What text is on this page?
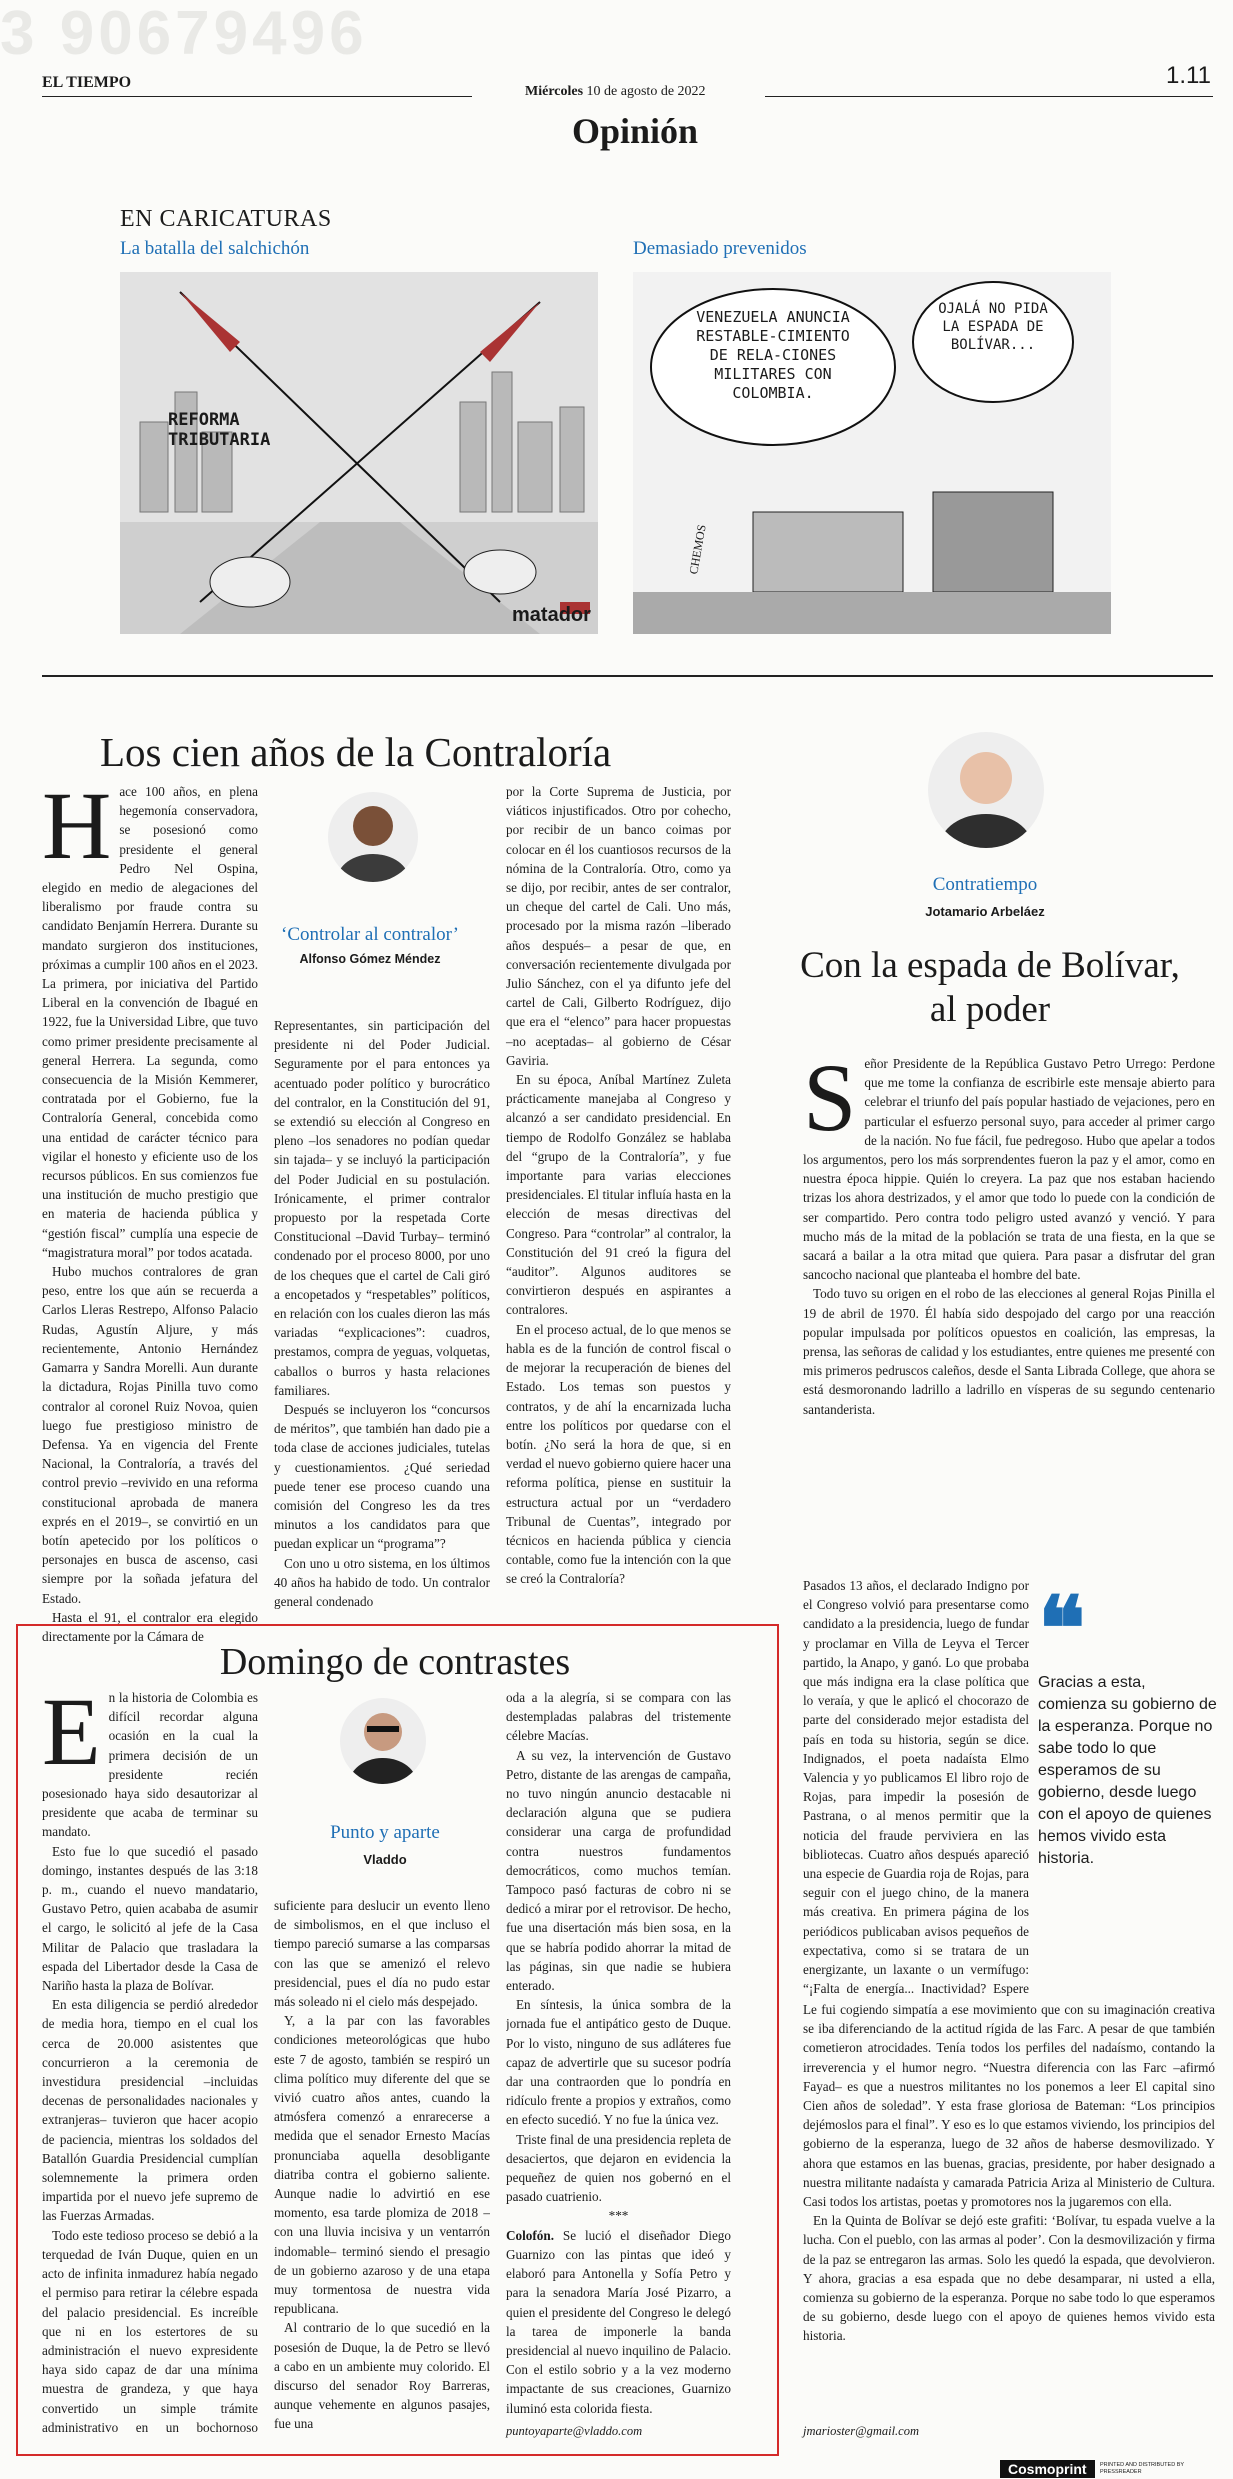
3 90679496
EL TIEMPO
Miércoles 10 de agosto de 2022
1.11
Opinión
EN CARICATURAS
La batalla del salchichón	Demasiado prevenidos
REFORMA TRIBUTARIA
matador
VENEZUELA ANUNCIA RESTABLE-CIMIENTO DE RELA-CIONES MILITARES CON COLOMBIA.
OJALÁ NO PIDA LA ESPADA DE BOLÍVAR...
CHEMOS
Los cien años de la Contraloría
‘Controlar al contralor’
Alfonso Gómez Méndez
H ace 100 años, en plena hegemonía conservadora, se posesionó como presidente el general Pedro Nel Ospina, elegido en medio de alegaciones del liberalismo por fraude contra su candidato Benjamín Herrera. Durante su mandato surgieron dos instituciones, próximas a cumplir 100 años en el 2023. La primera, por iniciativa del Partido Liberal en la convención de Ibagué en 1922, fue la Universidad Libre, que tuvo como primer presidente precisamente al general Herrera. La segunda, como consecuencia de la Misión Kemmerer, contratada por el Gobierno, fue la Contraloría General, concebida como una entidad de carácter técnico para vigilar el honesto y eficiente uso de los recursos públicos. En sus comienzos fue una institución de mucho prestigio que en materia de hacienda pública y “gestión fiscal” cumplía una especie de “magistratura moral” por todos acatada.

Hubo muchos contralores de gran peso, entre los que aún se recuerda a Carlos Lleras Restrepo, Alfonso Palacio Rudas, Agustín Aljure, y más recientemente, Antonio Hernández Gamarra y Sandra Morelli. Aun durante la dictadura, Rojas Pinilla tuvo como contralor al coronel Ruiz Novoa, quien luego fue prestigioso ministro de Defensa. Ya en vigencia del Frente Nacional, la Contraloría, a través del control previo –revivido en una reforma constitucional aprobada de manera exprés en el 2019–, se convirtió en un botín apetecido por los políticos o personajes en busca de ascenso, casi siempre por la soñada jefatura del Estado.

Hasta el 91, el contralor era elegido directamente por la Cámara de

Representantes, sin participación del presidente ni del Poder Judicial. Seguramente por el para entonces ya acentuado poder político y burocrático del contralor, en la Constitución del 91, se extendió su elección al Congreso en pleno –los senadores no podían quedar sin tajada– y se incluyó la participación del Poder Judicial en su postulación. Irónicamente, el primer contralor propuesto por la respetada Corte Constitucional –David Turbay– terminó condenado por el proceso 8000, por uno de los cheques que el cartel de Cali giró a encopetados y “respetables” políticos, en relación con los cuales dieron las más variadas “explicaciones”: cuadros, prestamos, compra de yeguas, volquetas, caballos o burros y hasta relaciones familiares.

Después se incluyeron los “concursos de méritos”, que también han dado pie a toda clase de acciones judiciales, tutelas y cuestionamientos. ¿Qué seriedad puede tener ese proceso cuando una comisión del Congreso les da tres minutos a los candidatos para que puedan explicar un “programa”?

Con uno u otro sistema, en los últimos 40 años ha habido de todo. Un contralor general condenado

por la Corte Suprema de Justicia, por viáticos injustificados. Otro por cohecho, por recibir de un banco coimas por colocar en él los cuantiosos recursos de la nómina de la Contraloría. Otro, como ya se dijo, por recibir, antes de ser contralor, un cheque del cartel de Cali. Uno más, procesado por la misma razón –liberado años después– a pesar de que, en conversación recientemente divulgada por Julio Sánchez, con el ya difunto jefe del cartel de Cali, Gilberto Rodríguez, dijo que era el “elenco” para hacer propuestas –no aceptadas– al gobierno de César Gaviria.

En su época, Aníbal Martínez Zuleta prácticamente manejaba al Congreso y alcanzó a ser candidato presidencial. En tiempo de Rodolfo González se hablaba del “grupo de la Contraloría”, y fue importante para varias elecciones presidenciales. El titular influía hasta en la elección de mesas directivas del Congreso. Para “controlar” al contralor, la Constitución del 91 creó la figura del “auditor”. Algunos auditores se convirtieron después en aspirantes a contralores.

En el proceso actual, de lo que menos se habla es de la función de control fiscal o de mejorar la recuperación de bienes del Estado. Los temas son puestos y contratos, y de ahí la encarnizada lucha entre los políticos por quedarse con el botín. ¿No será la hora de que, si en verdad el nuevo gobierno quiere hacer una reforma política, piense en sustituir la estructura actual por un “verdadero Tribunal de Cuentas”, integrado por técnicos en hacienda pública y ciencia contable, como fue la intención con la que se creó la Contraloría?

Contratiempo
Jotamario Arbeláez
Con la espada de Bolívar, al poder
S eñor Presidente de la República Gustavo Petro Urrego: Perdone que me tome la confianza de escribirle este mensaje abierto para celebrar el triunfo del país popular hastiado de vejaciones, pero en particular el esfuerzo personal suyo, para acceder al primer cargo de la nación. No fue fácil, fue pedregoso. Hubo que apelar a todos los argumentos, pero los más sorprendentes fueron la paz y el amor, como en nuestra época hippie. Quién lo creyera. La paz que nos estaban haciendo trizas los ahora destrizados, y el amor que todo lo puede con la condición de ser compartido. Pero contra todo peligro usted avanzó y venció. Y para mucho más de la mitad de la población se trata de una fiesta, en la que se sacará a bailar a la otra mitad que quiera. Para pasar a disfrutar del gran sancocho nacional que planteaba el hombre del bate.

Todo tuvo su origen en el robo de las elecciones al general Rojas Pinilla el 19 de abril de 1970. Él había sido despojado del cargo por una reacción popular impulsada por políticos opuestos en coalición, las empresas, la prensa, las señoras de calidad y los estudiantes, entre quienes me presenté con mis primeros pedruscos caleños, desde el Santa Librada College, que ahora se está desmoronando ladrillo a ladrillo en vísperas de su segundo centenario santanderista.

Pasados 13 años, el declarado Indigno por el Congreso volvió para presentarse como candidato a la presidencia, luego de fundar y proclamar en Villa de Leyva el Tercer partido, la Anapo, y ganó. Lo que probaba que más indigna era la clase política que lo veraía, y que le aplicó el chocorazo de parte del considerado mejor estadista del país en toda su historia, según se dice. Indignados, el poeta nadaísta Elmo Valencia y yo publicamos El libro rojo de Rojas, para impedir la posesión de Pastrana, o al menos permitir que la noticia del fraude perviviera en las bibliotecas. Cuatro años después apareció una especie de Guardia roja de Rojas, para seguir con el juego chino, de la manera más creativa. En primera página de los periódicos publicaban avisos pequeños de expectativa, como si se tratara de un energizante, un laxante o un vermífugo: “¡Falta de energía... Inactividad? Espere

❝
Gracias a esta, comienza su gobierno de la esperanza. Porque no sabe todo lo que esperamos de su gobierno, desde luego con el apoyo de quienes hemos vivido esta historia.

Le fui cogiendo simpatía a ese movimiento que con su imaginación creativa se iba diferenciando de la actitud rígida de las Farc. A pesar de que también cometieron atrocidades. Tenía todos los perfiles del nadaísmo, contando la irreverencia y el humor negro. “Nuestra diferencia con las Farc –afirmó Fayad– es que a nuestros militantes no los ponemos a leer El capital sino Cien años de soledad”. Y esta frase gloriosa de Bateman: “Los principios dejémoslos para el final”. Y eso es lo que estamos viviendo, los principios del gobierno de la esperanza, luego de 32 años de haberse desmovilizado. Y ahora que estamos en las buenas, gracias, presidente, por haber designado a nuestra militante nadaísta y camarada Patricia Ariza al Ministerio de Cultura. Casi todos los artistas, poetas y promotores nos la jugaremos con ella.

En la Quinta de Bolívar se dejó este grafiti: ‘Bolívar, tu espada vuelve a la lucha. Con el pueblo, con las armas al poder’. Con la desmovilización y firma de la paz se entregaron las armas. Solo les quedó la espada, que devolvieron. Y ahora, gracias a esa espada que no debe desamparar, ni usted a ella, comienza su gobierno de la esperanza. Porque no sabe todo lo que esperamos de su gobierno, desde luego con el apoyo de quienes hemos vivido esta historia.

jmarioster@gmail.com
Domingo de contrastes
Punto y aparte
Vladdo
E n la historia de Colombia es difícil recordar alguna ocasión en la cual la primera decisión de un presidente recién posesionado haya sido desautorizar al presidente que acaba de terminar su mandato.

Esto fue lo que sucedió el pasado domingo, instantes después de las 3:18 p. m., cuando el nuevo mandatario, Gustavo Petro, quien acababa de asumir el cargo, le solicitó al jefe de la Casa Militar de Palacio que trasladara la espada del Libertador desde la Casa de Nariño hasta la plaza de Bolívar.

En esta diligencia se perdió alrededor de media hora, tiempo en el cual los cerca de 20.000 asistentes que concurrieron a la ceremonia de investidura presidencial –incluidas decenas de personalidades nacionales y extranjeras– tuvieron que hacer acopio de paciencia, mientras los soldados del Batallón Guardia Presidencial cumplían solemnemente la primera orden impartida por el nuevo jefe supremo de las Fuerzas Armadas.

Todo este tedioso proceso se debió a la terquedad de Iván Duque, quien en un acto de infinita inmadurez había negado el permiso para retirar la célebre espada del palacio presidencial. Es increíble que ni en los estertores de su administración el nuevo expresidente haya sido capaz de dar una mínima muestra de grandeza, y que haya convertido un simple trámite administrativo en un bochornoso

suficiente para deslucir un evento lleno de simbolismos, en el que incluso el tiempo pareció sumarse a las comparsas con las que se amenizó el relevo presidencial, pues el día no pudo estar más soleado ni el cielo más despejado.

Y, a la par con las favorables condiciones meteorológicas que hubo este 7 de agosto, también se respiró un clima político muy diferente del que se vivió cuatro años antes, cuando la atmósfera comenzó a enrarecerse a medida que el senador Ernesto Macías pronunciaba aquella desobligante diatriba contra el gobierno saliente. Aunque nadie lo advirtió en ese momento, esa tarde plomiza de 2018 –con una lluvia incisiva y un ventarrón indomable– terminó siendo el presagio de un gobierno azaroso y de una etapa muy tormentosa de nuestra vida republicana.

Al contrario de lo que sucedió en la posesión de Duque, la de Petro se llevó a cabo en un ambiente muy colorido. El discurso del senador Roy Barreras, aunque vehemente en algunos pasajes, fue una

oda a la alegría, si se compara con las destempladas palabras del tristemente célebre Macías.

A su vez, la intervención de Gustavo Petro, distante de las arengas de campaña, no tuvo ningún anuncio destacable ni declaración alguna que se pudiera considerar una carga de profundidad contra nuestros fundamentos democráticos, como muchos temían. Tampoco pasó facturas de cobro ni se dedicó a mirar por el retrovisor. De hecho, fue una disertación más bien sosa, en la que se habría podido ahorrar la mitad de las páginas, sin que nadie se hubiera enterado.

En síntesis, la única sombra de la jornada fue el antipático gesto de Duque. Por lo visto, ninguno de sus adláteres fue capaz de advertirle que su sucesor podría dar una contraorden que lo pondría en ridículo frente a propios y extraños, como en efecto sucedió. Y no fue la única vez.

Triste final de una presidencia repleta de desaciertos, que dejaron en evidencia la pequeñez de quien nos gobernó en el pasado cuatrienio.

***

Colofón. Se lució el diseñador Diego Guarnizo con las pintas que ideó y elaboró para Antonella y Sofía Petro y para la senadora María José Pizarro, a quien el presidente del Congreso le delegó la tarea de imponerle la banda presidencial al nuevo inquilino de Palacio. Con el estilo sobrio y a la vez moderno impactante de sus creaciones, Guarnizo iluminó esta colorida fiesta.

puntoyaparte@vladdo.com
Cosmoprint	PRINTED AND DISTRIBUTED BY PRESSREADER
